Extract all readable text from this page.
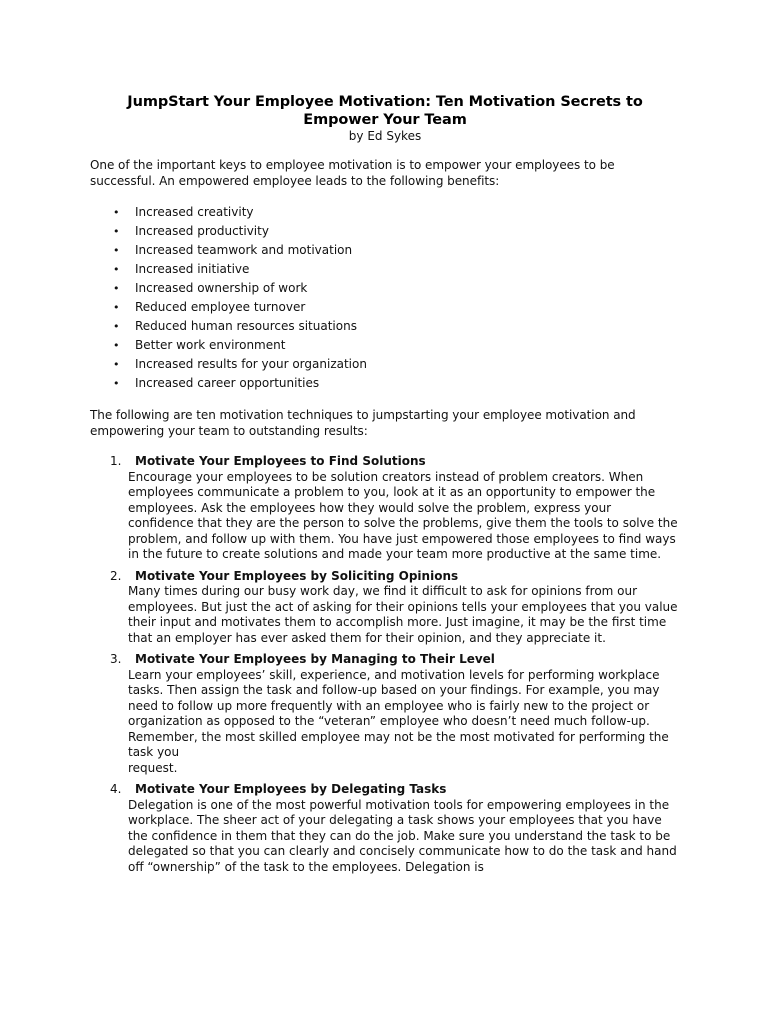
JumpStart Your Employee Motivation: Ten Motivation Secrets to
Empower Your Team

by Ed Sykes

One of the important keys to employee motivation is to empower your employees to be successful. An empowered employee leads to the following benefits:

• Increased creativity
• Increased productivity
• Increased teamwork and motivation
• Increased initiative
• Increased ownership of work
• Reduced employee turnover
• Reduced human resources situations
• Better work environment
• Increased results for your organization
• Increased career opportunities

The following are ten motivation techniques to jumpstarting your employee motivation and empowering your team to outstanding results:

1.	Motivate Your Employees to Find Solutions
Encourage your employees to be solution creators instead of problem creators. When employees communicate a problem to you, look at it as an opportunity to empower the employees. Ask the employees how they would solve the problem, express your confidence that they are the person to solve the problems, give them the tools to solve the problem, and follow up with them. You have just empowered those employees to find ways in the future to create solutions and made your team more productive at the same time.
2.	Motivate Your Employees by Soliciting Opinions
Many times during our busy work day, we find it difficult to ask for opinions from our employees. But just the act of asking for their opinions tells your employees that you value their input and motivates them to accomplish more. Just imagine, it may be the first time that an employer has ever asked them for their opinion, and they appreciate it.
3.	Motivate Your Employees by Managing to Their Level
Learn your employees’ skill, experience, and motivation levels for performing workplace tasks. Then assign the task and follow-up based on your findings. For example, you may need to follow up more frequently with an employee who is fairly new to the project or organization as opposed to the “veteran” employee who doesn’t need much follow-up. Remember, the most skilled employee may not be the most motivated for performing the task you
request.
4.	Motivate Your Employees by Delegating Tasks
Delegation is one of the most powerful motivation tools for empowering employees in the workplace. The sheer act of your delegating a task shows your employees that you have the confidence in them that they can do the job. Make sure you understand the task to be delegated so that you can clearly and concisely communicate how to do the task and hand off “ownership” of the task to the employees. Delegation is
